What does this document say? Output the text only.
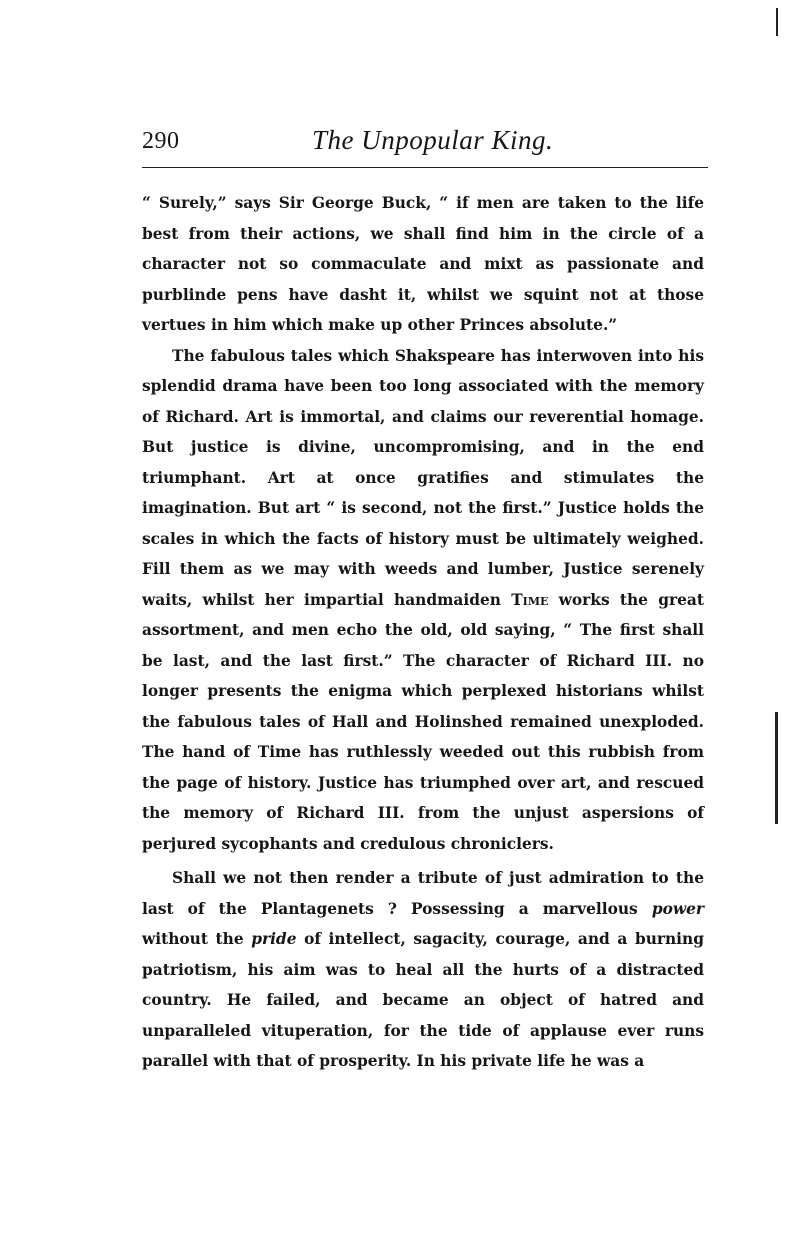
290	The Unpopular King.

“ Surely,” says Sir George Buck, “ if men are taken to the life best from their actions, we shall find him in the circle of a character not so commaculate and mixt as passionate and purblinde pens have dasht it, whilst we squint not at those vertues in him which make up other Princes absolute.”

The fabulous tales which Shakspeare has interwoven into his splendid drama have been too long associated with the memory of Richard. Art is immortal, and claims our reverential homage. But justice is divine, uncompromising, and in the end triumphant. Art at once gratifies and stimulates the imagination. But art “ is second, not the first.” Justice holds the scales in which the facts of history must be ultimately weighed. Fill them as we may with weeds and lumber, Justice serenely waits, whilst her impartial handmaiden Time works the great assortment, and men echo the old, old saying, “ The first shall be last, and the last first.” The character of Richard III. no longer presents the enigma which perplexed historians whilst the fabulous tales of Hall and Holinshed remained unexploded. The hand of Time has ruthlessly weeded out this rubbish from the page of history. Justice has triumphed over art, and rescued the memory of Richard III. from the unjust aspersions of perjured sycophants and credulous chroniclers.

Shall we not then render a tribute of just admiration to the last of the Plantagenets ? Possessing a marvellous power without the pride of intellect, sagacity, courage, and a burning patriotism, his aim was to heal all the hurts of a distracted country. He failed, and became an object of hatred and unparalleled vituperation, for the tide of applause ever runs parallel with that of prosperity. In his private life he was a
